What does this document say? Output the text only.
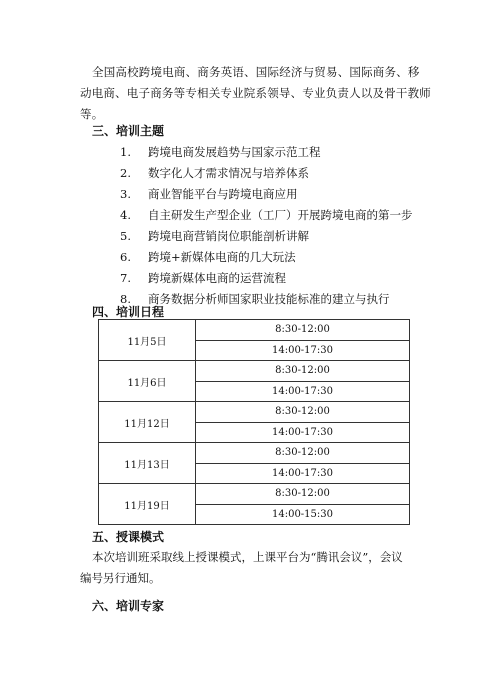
全国高校跨境电商、商务英语、国际经济与贸易、国际商务、移

动电商、电子商务等专相关专业院系领导、专业负责人以及骨干教师

等。

三、培训主题
1. 跨境电商发展趋势与国家示范工程
2. 数字化人才需求情况与培养体系
3. 商业智能平台与跨境电商应用
4. 自主研发生产型企业（工厂）开展跨境电商的第一步
5. 跨境电商营销岗位职能剖析讲解
6. 跨境+新媒体电商的几大玩法
7. 跨境新媒体电商的运营流程
8. 商务数据分析师国家职业技能标准的建立与执行
四、培训日程
11月5日	8:30-12:00
	14:00-17:30
11月6日	8:30-12:00
	14:00-17:30
11月12日	8:30-12:00
	14:00-17:30
11月13日	8:30-12:00
	14:00-17:30
11月19日	8:30-12:00
	14:00-15:30
五、授课模式
本次培训班采取线上授课模式，上课平台为“腾讯会议”，会议
编号另行通知。
六、培训专家
